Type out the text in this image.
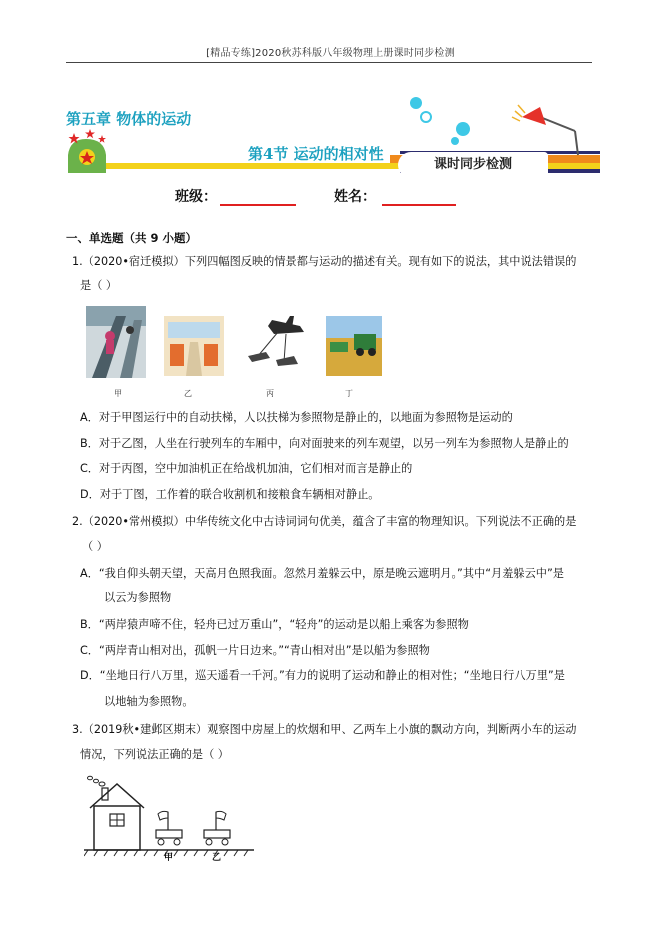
[精品专练]2020秋苏科版八年级物理上册课时同步检测
第五章 物体的运动
第4节 运动的相对性
课时同步检测
班级：	姓名：
一、单选题（共 9 小题）
1.（2020•宿迁模拟）下列四幅图反映的情景都与运动的描述有关。现有如下的说法，其中说法错误的
是（ ）
甲	乙	丙	丁
A．对于甲图运行中的自动扶梯，人以扶梯为参照物是静止的，以地面为参照物是运动的
B．对于乙图，人坐在行驶列车的车厢中，向对面驶来的列车观望，以另一列车为参照物人是静止的
C．对于丙图，空中加油机正在给战机加油，它们相对而言是静止的
D．对于丁图，工作着的联合收割机和接粮食车辆相对静止。
2.（2020•常州模拟）中华传统文化中古诗词词句优美，蕴含了丰富的物理知识。下列说法不正确的是
（ ）
A．“我自仰头朝天望，天高月色照我面。忽然月羞躲云中，原是晚云遮明月。”其中“月羞躲云中”是
以云为参照物
B．“两岸猿声啼不住，轻舟已过万重山”，“轻舟”的运动是以船上乘客为参照物
C．“两岸青山相对出，孤帆一片日边来。”“青山相对出”是以船为参照物
D．“坐地日行八万里，巡天遥看一千河。”有力的说明了运动和静止的相对性；“坐地日行八万里”是
以地轴为参照物。
3.（2019秋•建邺区期末）观察图中房屋上的炊烟和甲、乙两车上小旗的飘动方向，判断两小车的运动
情况，下列说法正确的是（ ）
甲	乙
